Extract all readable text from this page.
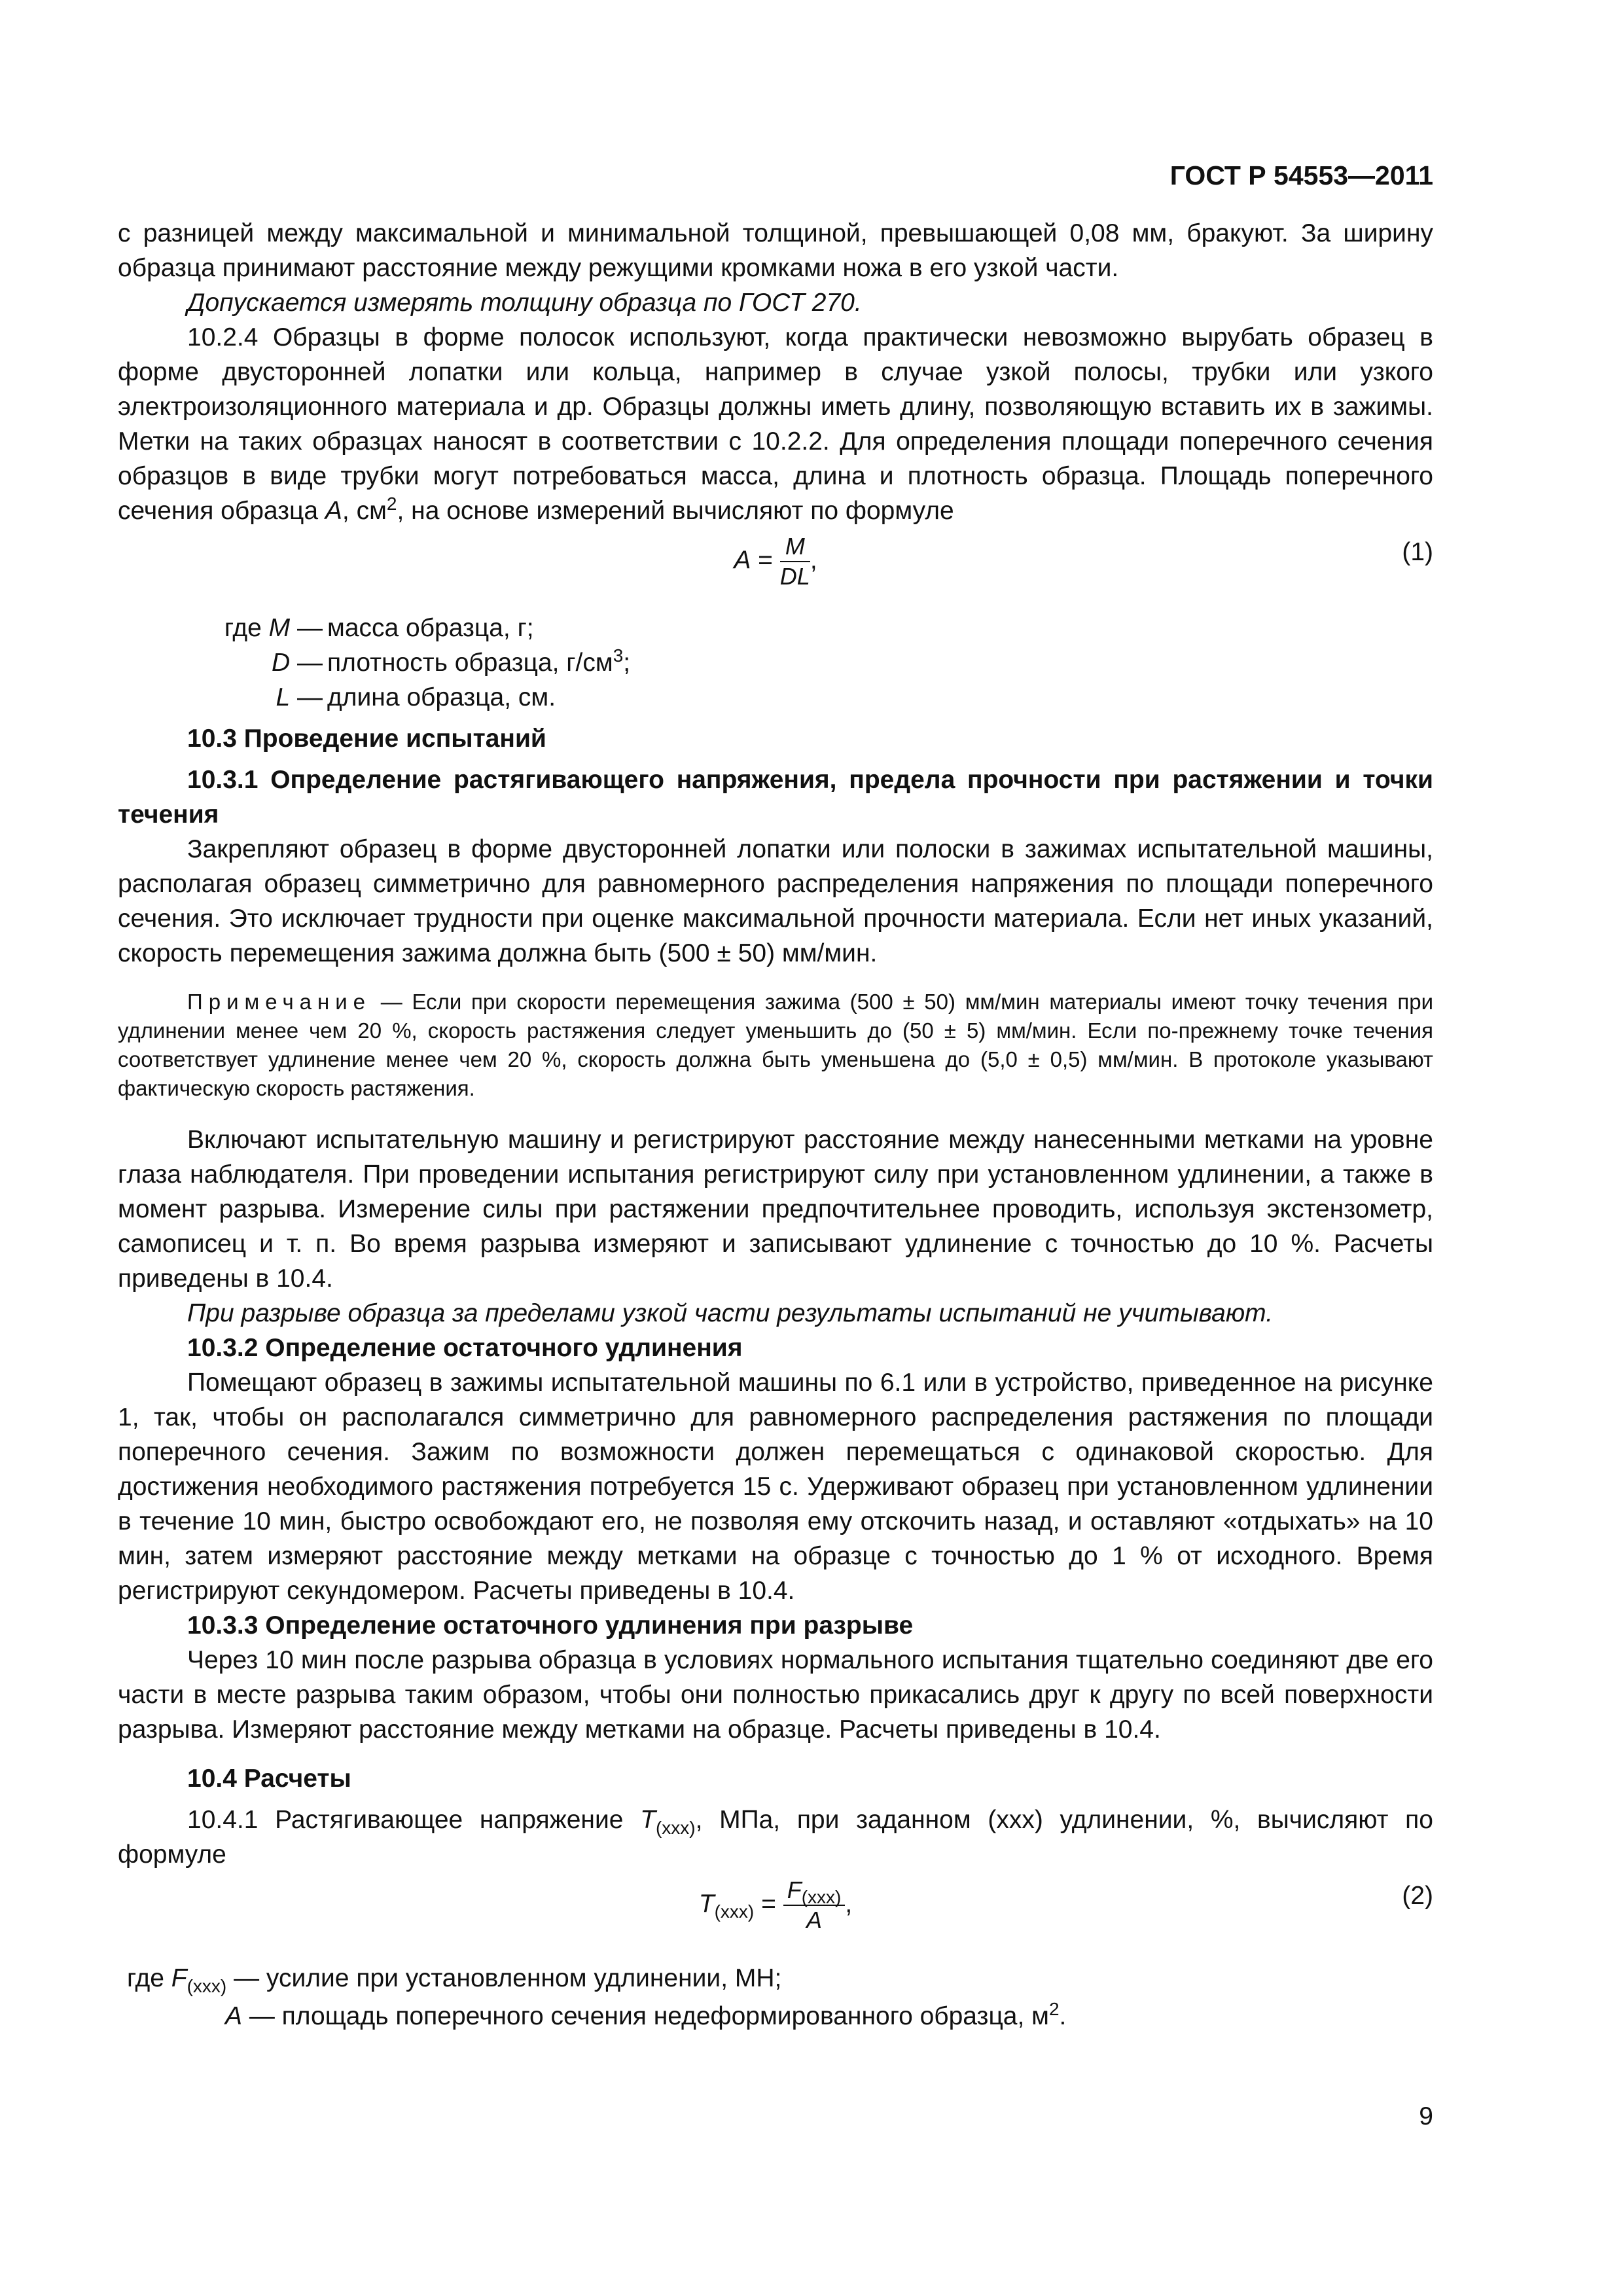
ГОСТ Р 54553—2011

с разницей между максимальной и минимальной толщиной, превышающей 0,08 мм, бракуют. За ширину образца принимают расстояние между режущими кромками ножа в его узкой части.

Допускается измерять толщину образца по ГОСТ 270.

10.2.4 Образцы в форме полосок используют, когда практически невозможно вырубать образец в форме двусторонней лопатки или кольца, например в случае узкой полосы, трубки или узкого электроизоляционного материала и др. Образцы должны иметь длину, позволяющую вставить их в зажимы. Метки на таких образцах наносят в соответствии с 10.2.2. Для определения площади поперечного сечения образцов в виде трубки могут потребоваться масса, длина и плотность образца. Площадь поперечного сечения образца A, $см^2$, на основе измерений вычисляют по формуле

$A = \frac{M}{DL}$ ,	(1)
где M — масса образца, г;
D — плотность образца, $г/см^3$;
L — длина образца, см.

10.3 Проведение испытаний

10.3.1 Определение растягивающего напряжения, предела прочности при растяжении и точки течения

Закрепляют образец в форме двусторонней лопатки или полоски в зажимах испытательной машины, располагая образец симметрично для равномерного распределения напряжения по площади поперечного сечения. Это исключает трудности при оценке максимальной прочности материала. Если нет иных указаний, скорость перемещения зажима должна быть (500 ± 50) мм/мин.

Примечание — Если при скорости перемещения зажима (500 ± 50) мм/мин материалы имеют точку течения при удлинении менее чем 20 %, скорость растяжения следует уменьшить до (50 ± 5) мм/мин. Если по-прежнему точке течения соответствует удлинение менее чем 20 %, скорость должна быть уменьшена до (5,0 ± 0,5) мм/мин. В протоколе указывают фактическую скорость растяжения.

Включают испытательную машину и регистрируют расстояние между нанесенными метками на уровне глаза наблюдателя. При проведении испытания регистрируют силу при установленном удлинении, а также в момент разрыва. Измерение силы при растяжении предпочтительнее проводить, используя экстензометр, самописец и т. п. Во время разрыва измеряют и записывают удлинение с точностью до 10 %. Расчеты приведены в 10.4.

При разрыве образца за пределами узкой части результаты испытаний не учитывают.

10.3.2 Определение остаточного удлинения

Помещают образец в зажимы испытательной машины по 6.1 или в устройство, приведенное на рисунке 1, так, чтобы он располагался симметрично для равномерного распределения растяжения по площади поперечного сечения. Зажим по возможности должен перемещаться с одинаковой скоростью. Для достижения необходимого растяжения потребуется 15 с. Удерживают образец при установленном удлинении в течение 10 мин, быстро освобождают его, не позволяя ему отскочить назад, и оставляют «отдыхать» на 10 мин, затем измеряют расстояние между метками на образце с точностью до 1 % от исходного. Время регистрируют секундомером. Расчеты приведены в 10.4.

10.3.3 Определение остаточного удлинения при разрыве

Через 10 мин после разрыва образца в условиях нормального испытания тщательно соединяют две его части в месте разрыва таким образом, чтобы они полностью прикасались друг к другу по всей поверхности разрыва. Измеряют расстояние между метками на образце. Расчеты приведены в 10.4.

10.4 Расчеты

10.4.1 Растягивающее напряжение $T_{(xxx)}$, МПа, при заданном (xxx) удлинении, %, вычисляют по формуле

$T_{(xxx)} = \frac{F_{(xxx)}}{A}$ ,	(2)
где $F_{(xxx)}$ — усилие при установленном удлинении, МН;
A — площадь поперечного сечения недеформированного образца, $м^2$.
9
